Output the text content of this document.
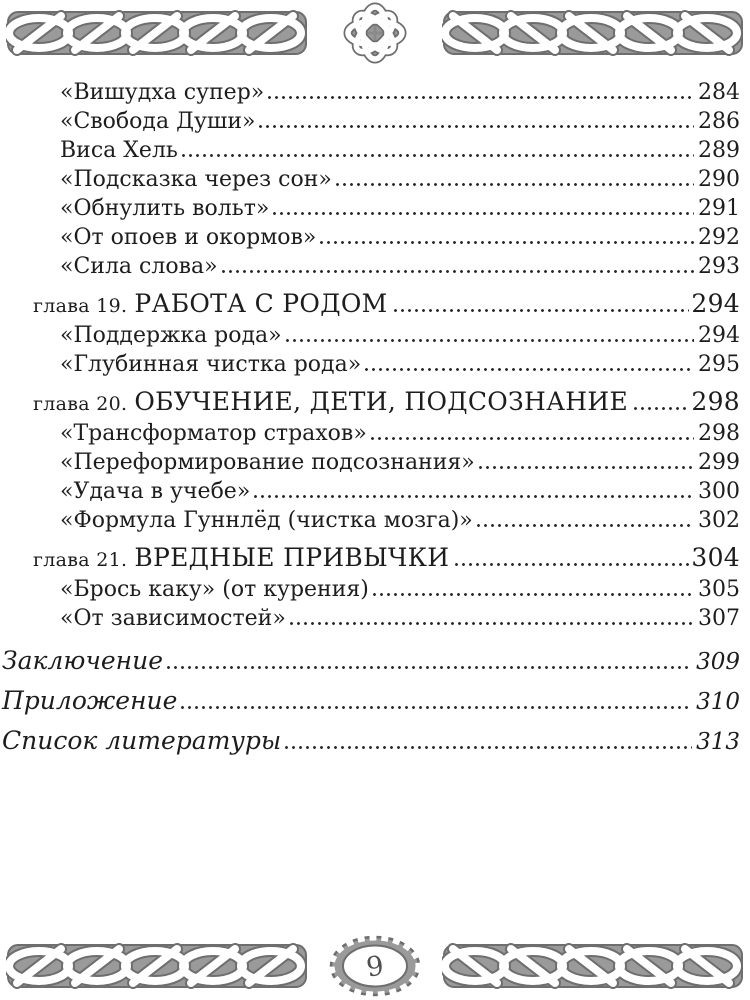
«Вишудха супер»	284
«Свобода Души»	286
Виса Хель	289
«Подсказка через сон»	290
«Обнулить вольт»	291
«От опоев и окормов»	292
«Сила слова»	293
глава 19. РАБОТА С РОДОМ	294
«Поддержка рода»	294
«Глубинная чистка рода»	295
глава 20. ОБУЧЕНИЕ, ДЕТИ, ПОДСОЗНАНИЕ	298
«Трансформатор страхов»	298
«Переформирование подсознания»	299
«Удача в учебе»	300
«Формула Гуннлёд (чистка мозга)»	302
глава 21. ВРЕДНЫЕ ПРИВЫЧКИ	304
«Брось каку» (от курения)	305
«От зависимостей»	307
Заключение	309
Приложение	310
Список литературы	313
9
